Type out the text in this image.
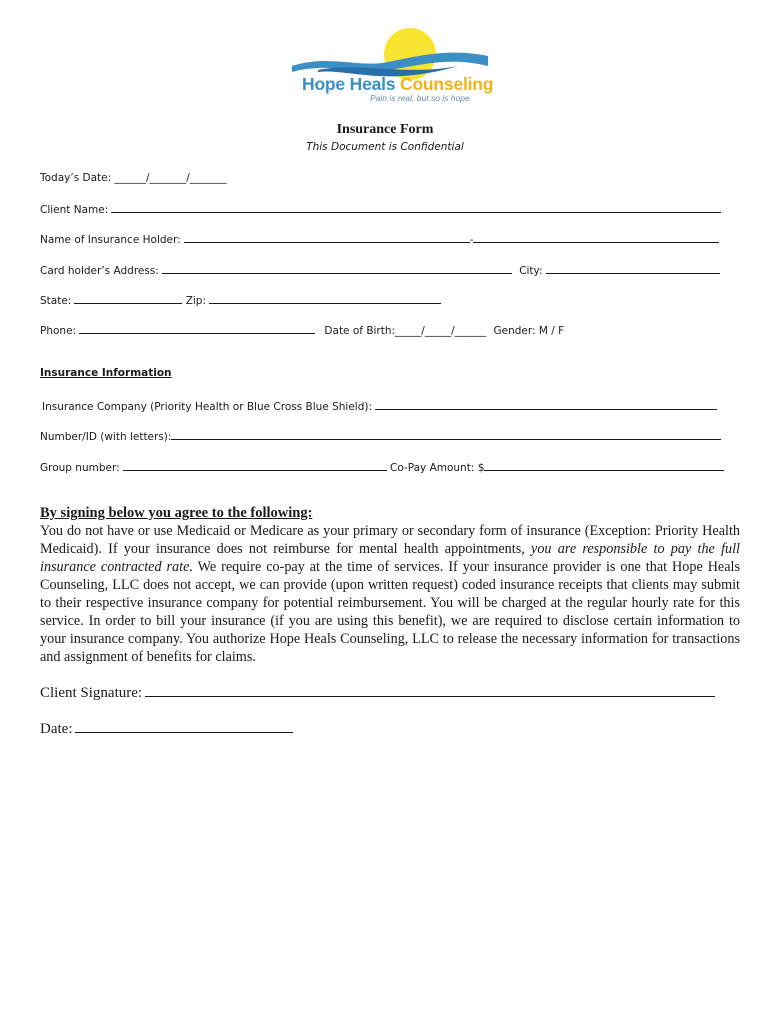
Hope Heals Counseling
Pain is real, but so is hope.
Insurance Form
This Document is Confidential
Today’s Date: ______/_______/_______
Client Name:
Name of Insurance Holder:	-
Card holder’s Address:	City:
State:	Zip:
Phone:	Date of Birth:_____/_____/______ Gender: M / F
Insurance Information
Insurance Company (Priority Health or Blue Cross Blue Shield):
Number/ID (with letters):
Group number:	Co-Pay Amount: $
By signing below you agree to the following:
You do not have or use Medicaid or Medicare as your primary or secondary form of insurance (Exception: Priority Health Medicaid). If your insurance does not reimburse for mental health appointments, you are responsible to pay the full insurance contracted rate. We require co-pay at the time of services. If your insurance provider is one that Hope Heals Counseling, LLC does not accept, we can provide (upon written request) coded insurance receipts that clients may submit to their respective insurance company for potential reimbursement. You will be charged at the regular hourly rate for this service. In order to bill your insurance (if you are using this benefit), we are required to disclose certain information to your insurance company. You authorize Hope Heals Counseling, LLC to release the necessary information for transactions and assignment of benefits for claims.
Client Signature:
Date:
